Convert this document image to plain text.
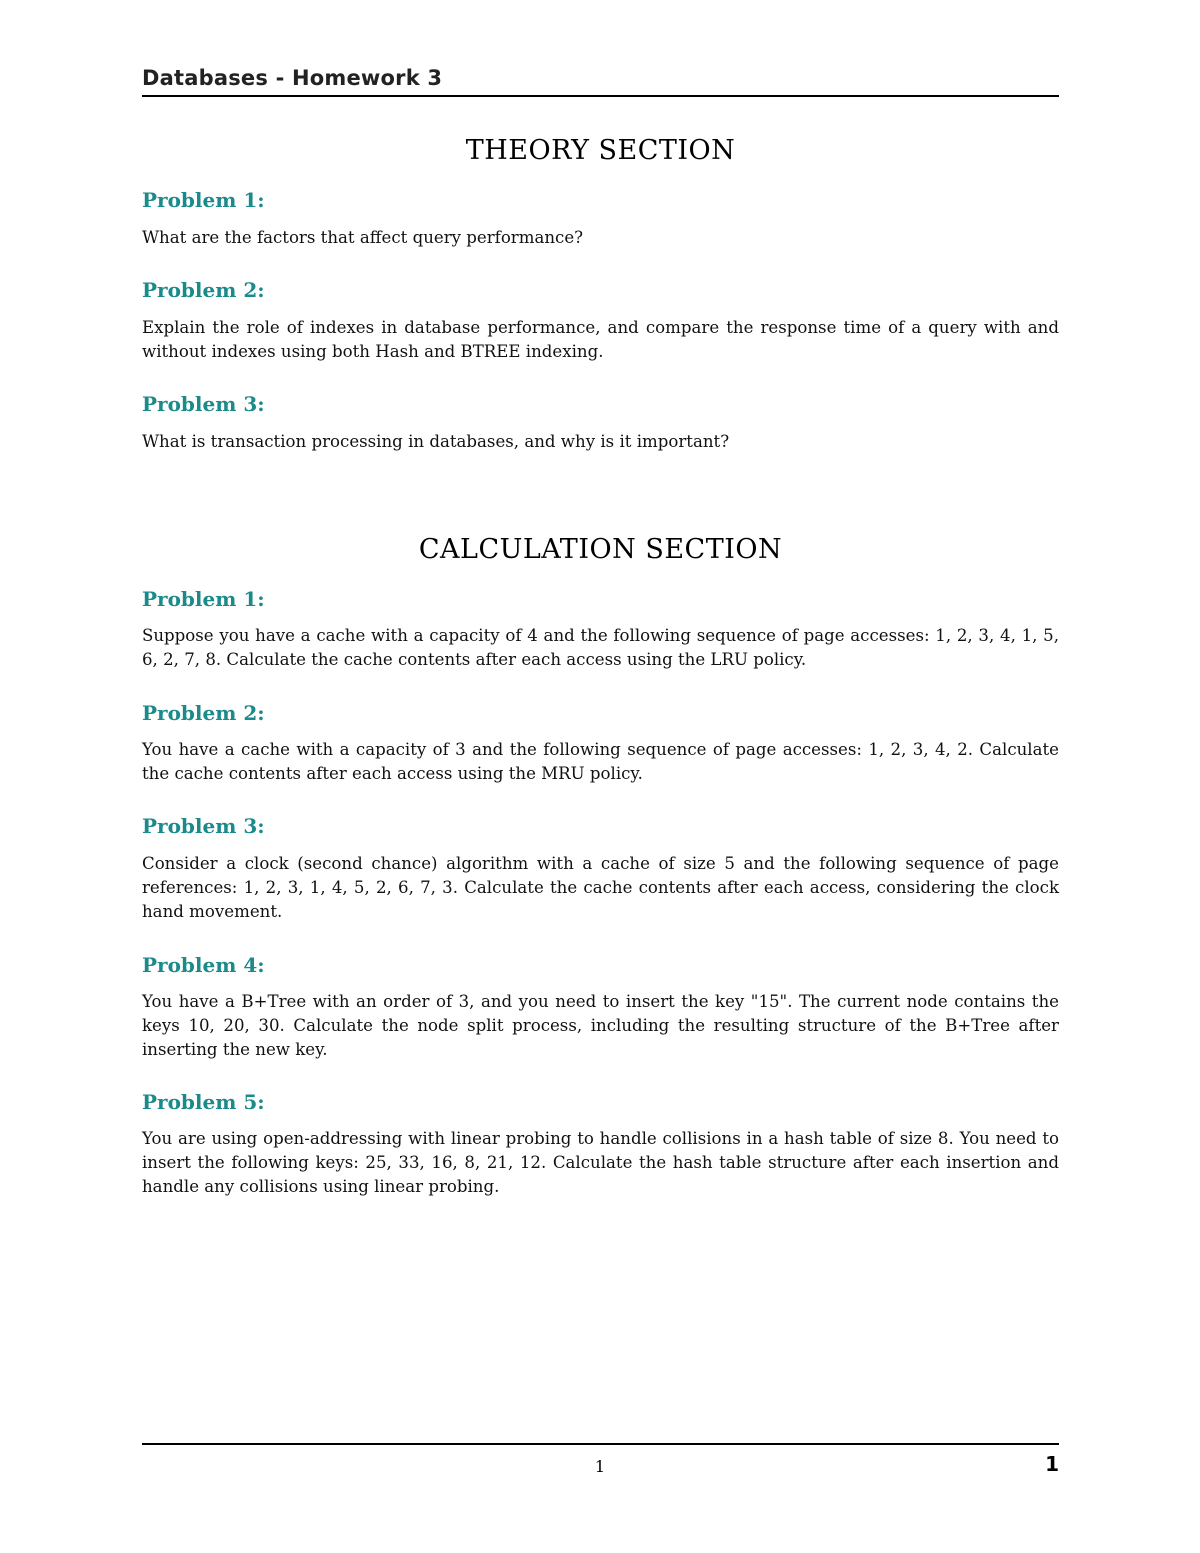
Databases - Homework 3
THEORY SECTION
Problem 1:
What are the factors that affect query performance?
Problem 2:
Explain the role of indexes in database performance, and compare the response time of a query with and without indexes using both Hash and BTREE indexing.
Problem 3:
What is transaction processing in databases, and why is it important?
CALCULATION SECTION
Problem 1:
Suppose you have a cache with a capacity of 4 and the following sequence of page accesses: 1, 2, 3, 4, 1, 5, 6, 2, 7, 8. Calculate the cache contents after each access using the LRU policy.
Problem 2:
You have a cache with a capacity of 3 and the following sequence of page accesses: 1, 2, 3, 4, 2. Calculate the cache contents after each access using the MRU policy.
Problem 3:
Consider a clock (second chance) algorithm with a cache of size 5 and the following sequence of page references: 1, 2, 3, 1, 4, 5, 2, 6, 7, 3. Calculate the cache contents after each access, considering the clock hand movement.
Problem 4:
You have a B+Tree with an order of 3, and you need to insert the key "15". The current node contains the keys 10, 20, 30. Calculate the node split process, including the resulting structure of the B+Tree after inserting the new key.
Problem 5:
You are using open-addressing with linear probing to handle collisions in a hash table of size 8. You need to insert the following keys: 25, 33, 16, 8, 21, 12. Calculate the hash table structure after each insertion and handle any collisions using linear probing.
1	1
